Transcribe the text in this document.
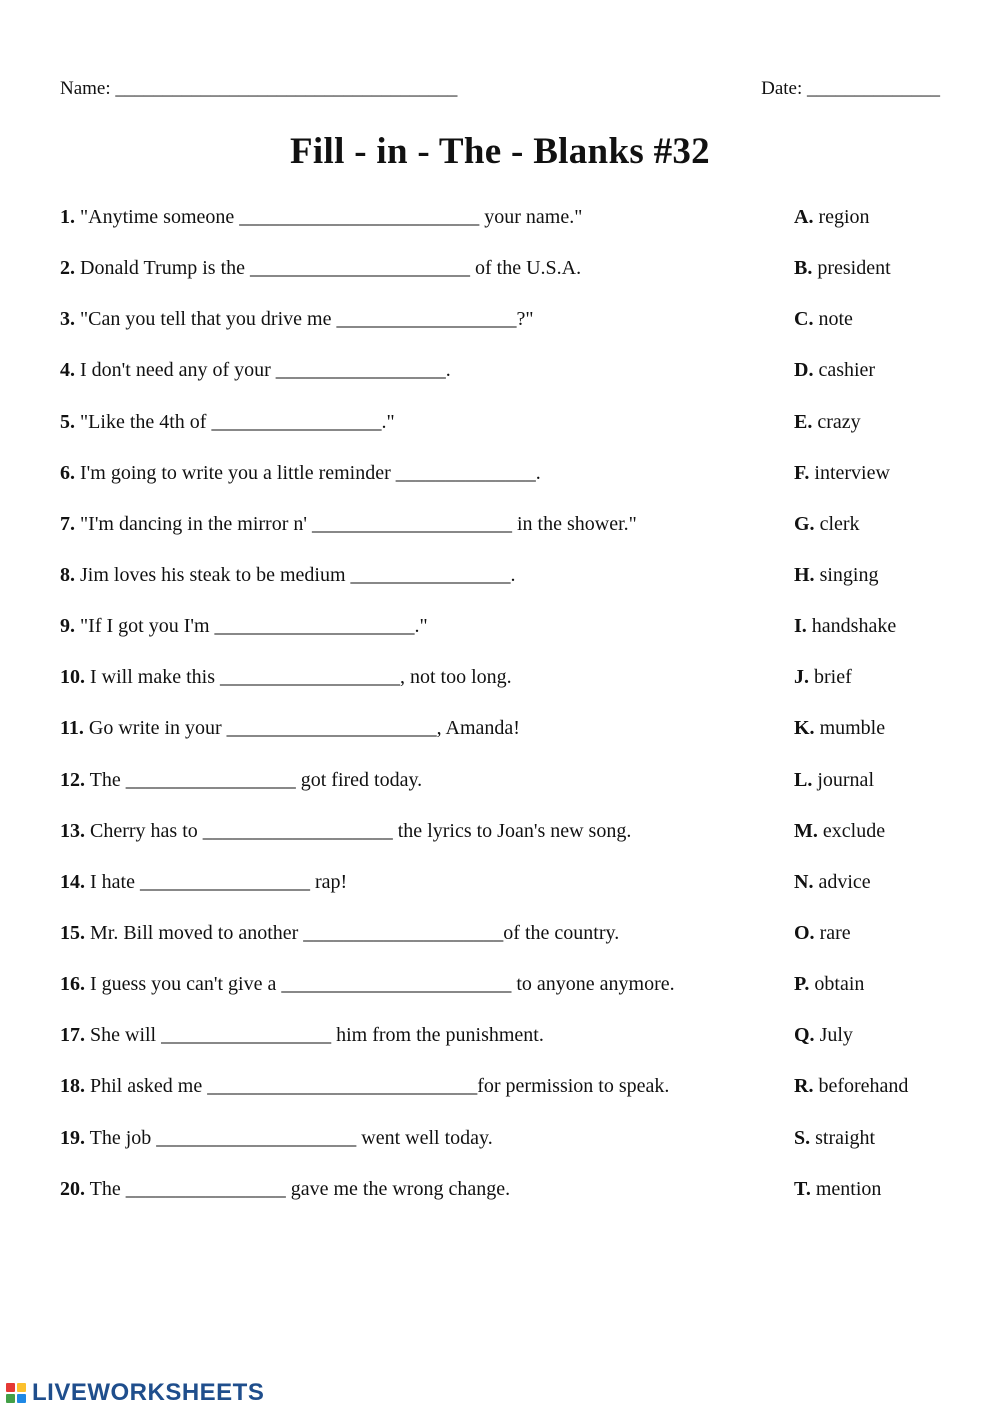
Name: ____________________________________	Date: ______________
Fill - in - The - Blanks #32
1. "Anytime someone ________________________ your name."
2. Donald Trump is the ______________________ of the U.S.A.
3. "Can you tell that you drive me __________________?"
4. I don't need any of your _________________.
5. "Like the 4th of _________________."
6. I'm going to write you a little reminder ______________.
7. "I'm dancing in the mirror n' ____________________ in the shower."
8. Jim loves his steak to be medium ________________.
9. "If I got you I'm ____________________."
10. I will make this __________________, not too long.
11. Go write in your _____________________, Amanda!
12. The _________________ got fired today.
13. Cherry has to ___________________ the lyrics to Joan's new song.
14. I hate _________________ rap!
15. Mr. Bill moved to another ____________________of the country.
16. I guess you can't give a _______________________ to anyone anymore.
17. She will _________________ him from the punishment.
18. Phil asked me ___________________________for permission to speak.
19. The job ____________________ went well today.
20. The ________________ gave me the wrong change.
A. region
B. president
C. note
D. cashier
E. crazy
F. interview
G. clerk
H. singing
I. handshake
J. brief
K. mumble
L. journal
M. exclude
N. advice
O. rare
P. obtain
Q. July
R. beforehand
S. straight
T. mention
LIVEWORKSHEETS
